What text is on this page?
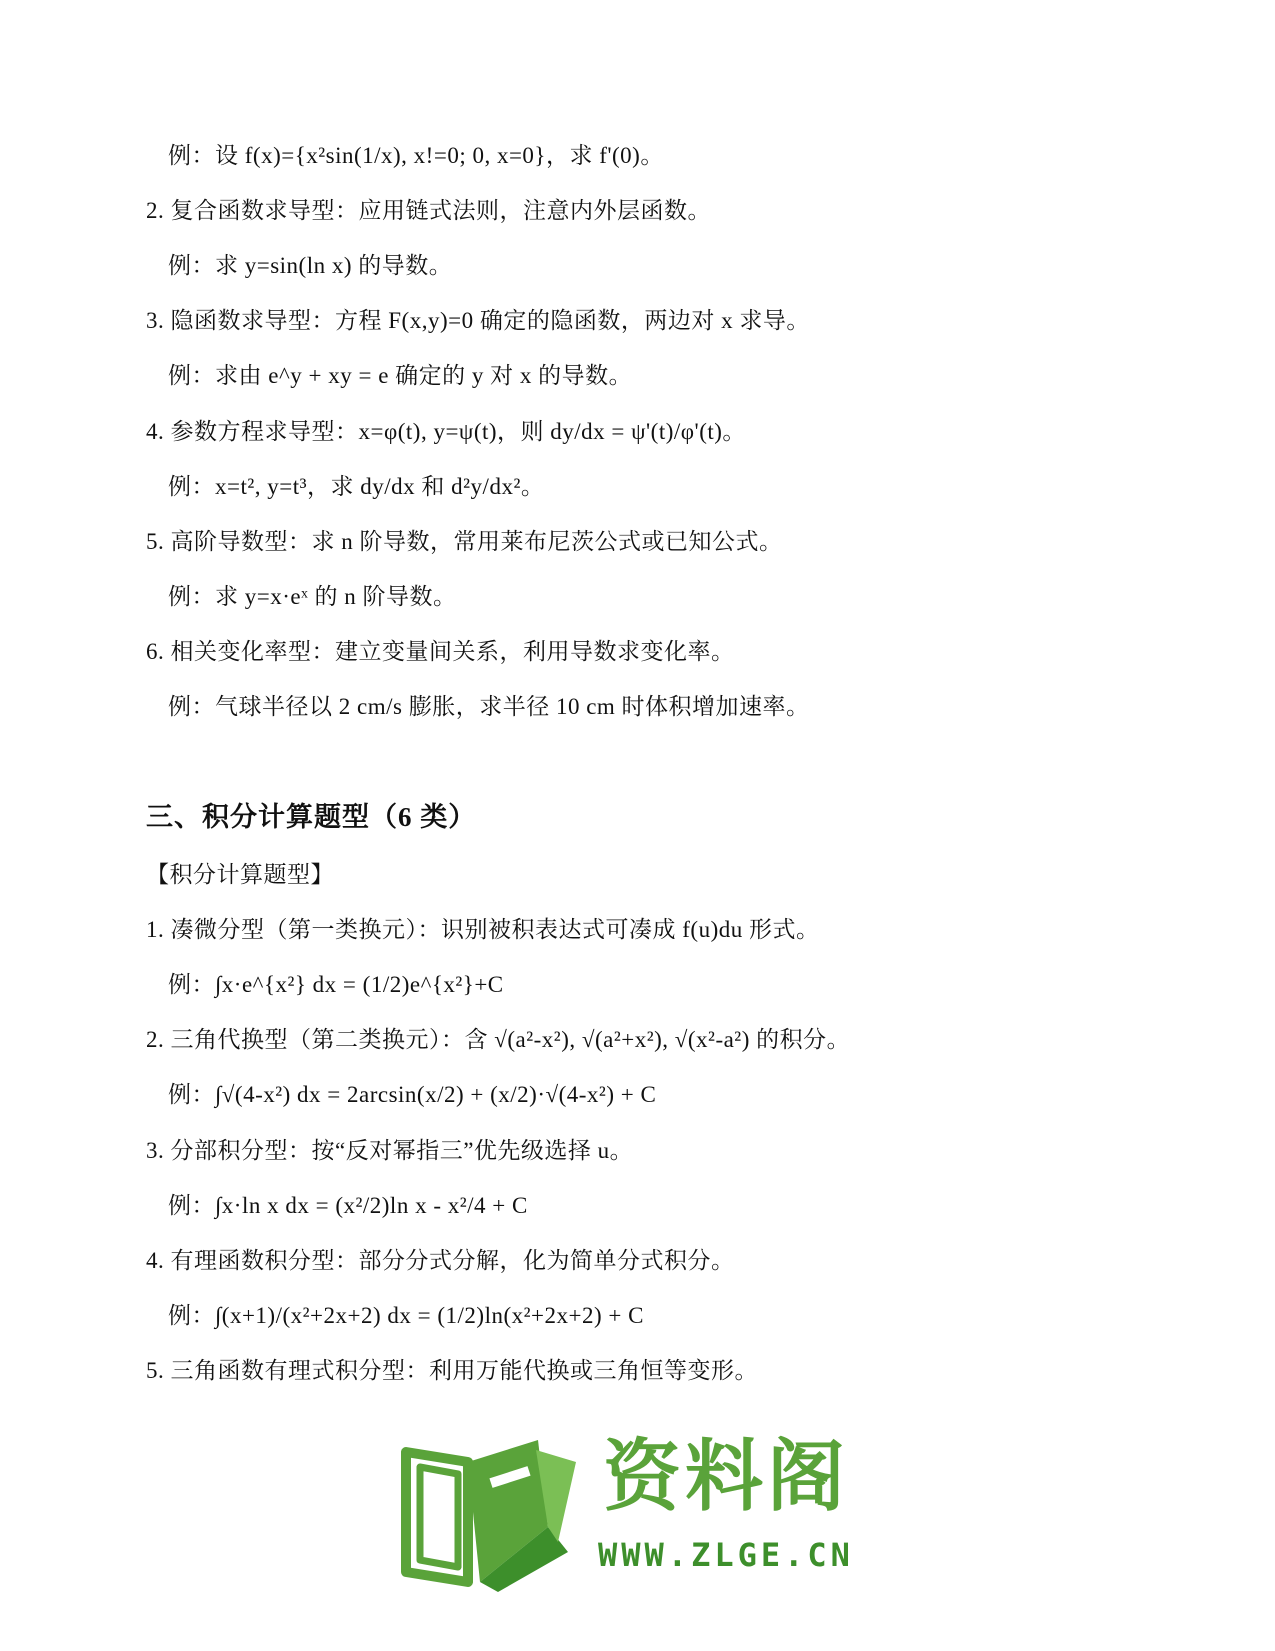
例：设 f(x)={x²sin(1/x), x!=0; 0, x=0}，求 f'(0)。
2. 复合函数求导型：应用链式法则，注意内外层函数。
例：求 y=sin(ln x) 的导数。
3. 隐函数求导型：方程 F(x,y)=0 确定的隐函数，两边对 x 求导。
例：求由 e^y + xy = e 确定的 y 对 x 的导数。
4. 参数方程求导型：x=φ(t), y=ψ(t)，则 dy/dx = ψ'(t)/φ'(t)。
例：x=t², y=t³，求 dy/dx 和 d²y/dx²。
5. 高阶导数型：求 n 阶导数，常用莱布尼茨公式或已知公式。
例：求 y=x·eˣ 的 n 阶导数。
6. 相关变化率型：建立变量间关系，利用导数求变化率。
例：气球半径以 2 cm/s 膨胀，求半径 10 cm 时体积增加速率。
三、积分计算题型（6 类）
【积分计算题型】
1. 凑微分型（第一类换元）：识别被积表达式可凑成 f(u)du 形式。
例：∫x·e^{x²} dx = (1/2)e^{x²}+C
2. 三角代换型（第二类换元）：含 √(a²-x²), √(a²+x²), √(x²-a²) 的积分。
例：∫√(4-x²) dx = 2arcsin(x/2) + (x/2)·√(4-x²) + C
3. 分部积分型：按“反对幂指三”优先级选择 u。
例：∫x·ln x dx = (x²/2)ln x - x²/4 + C
4. 有理函数积分型：部分分式分解，化为简单分式积分。
例：∫(x+1)/(x²+2x+2) dx = (1/2)ln(x²+2x+2) + C
5. 三角函数有理式积分型：利用万能代换或三角恒等变形。
资料阁
WWW.ZLGE.CN
